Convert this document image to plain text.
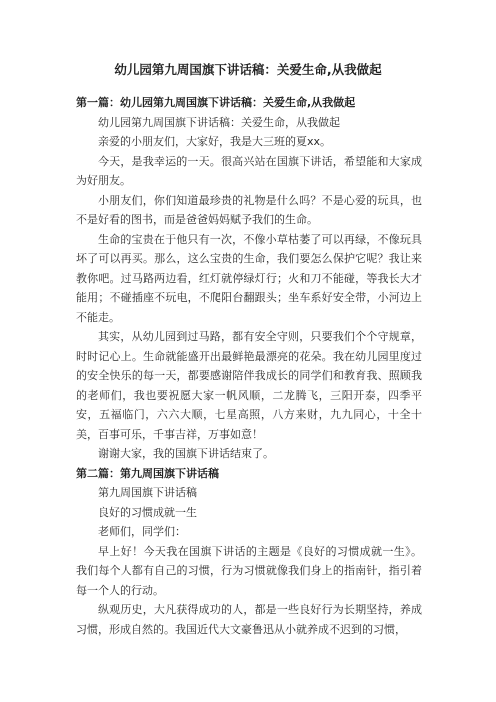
幼儿园第九周国旗下讲话稿：关爱生命,从我做起

第一篇：幼儿园第九周国旗下讲话稿：关爱生命,从我做起

幼儿园第九周国旗下讲话稿：关爱生命，从我做起

亲爱的小朋友们，大家好，我是大三班的夏xx。

今天，是我幸运的一天。很高兴站在国旗下讲话，希望能和大家成为好朋友。

小朋友们，你们知道最珍贵的礼物是什么吗？不是心爱的玩具，也不是好看的图书，而是爸爸妈妈赋予我们的生命。

生命的宝贵在于他只有一次，不像小草枯萎了可以再绿，不像玩具坏了可以再买。那么，这么宝贵的生命，我们要怎么保护它呢？我让来教你吧。过马路两边看，红灯就停绿灯行；火和刀不能碰，等我长大才能用；不碰插座不玩电，不爬阳台翻跟头；坐车系好安全带，小河边上不能走。

其实，从幼儿园到过马路，都有安全守则，只要我们个个守规章，时时记心上。生命就能盛开出最鲜艳最漂亮的花朵。我在幼儿园里度过的安全快乐的每一天，都要感谢陪伴我成长的同学们和教育我、照顾我的老师们，我也要祝愿大家一帆风顺，二龙腾飞，三阳开泰，四季平安，五福临门，六六大顺，七星高照，八方来财，九九同心，十全十美，百事可乐，千事吉祥，万事如意！

谢谢大家，我的国旗下讲话结束了。

第二篇：第九周国旗下讲话稿

第九周国旗下讲话稿

良好的习惯成就一生

老师们，同学们：

早上好！今天我在国旗下讲话的主题是《良好的习惯成就一生》。我们每个人都有自己的习惯，行为习惯就像我们身上的指南针，指引着每一个人的行动。

纵观历史，大凡获得成功的人，都是一些良好行为长期坚持，养成习惯，形成自然的。我国近代大文豪鲁迅从小就养成不迟到的习惯，
